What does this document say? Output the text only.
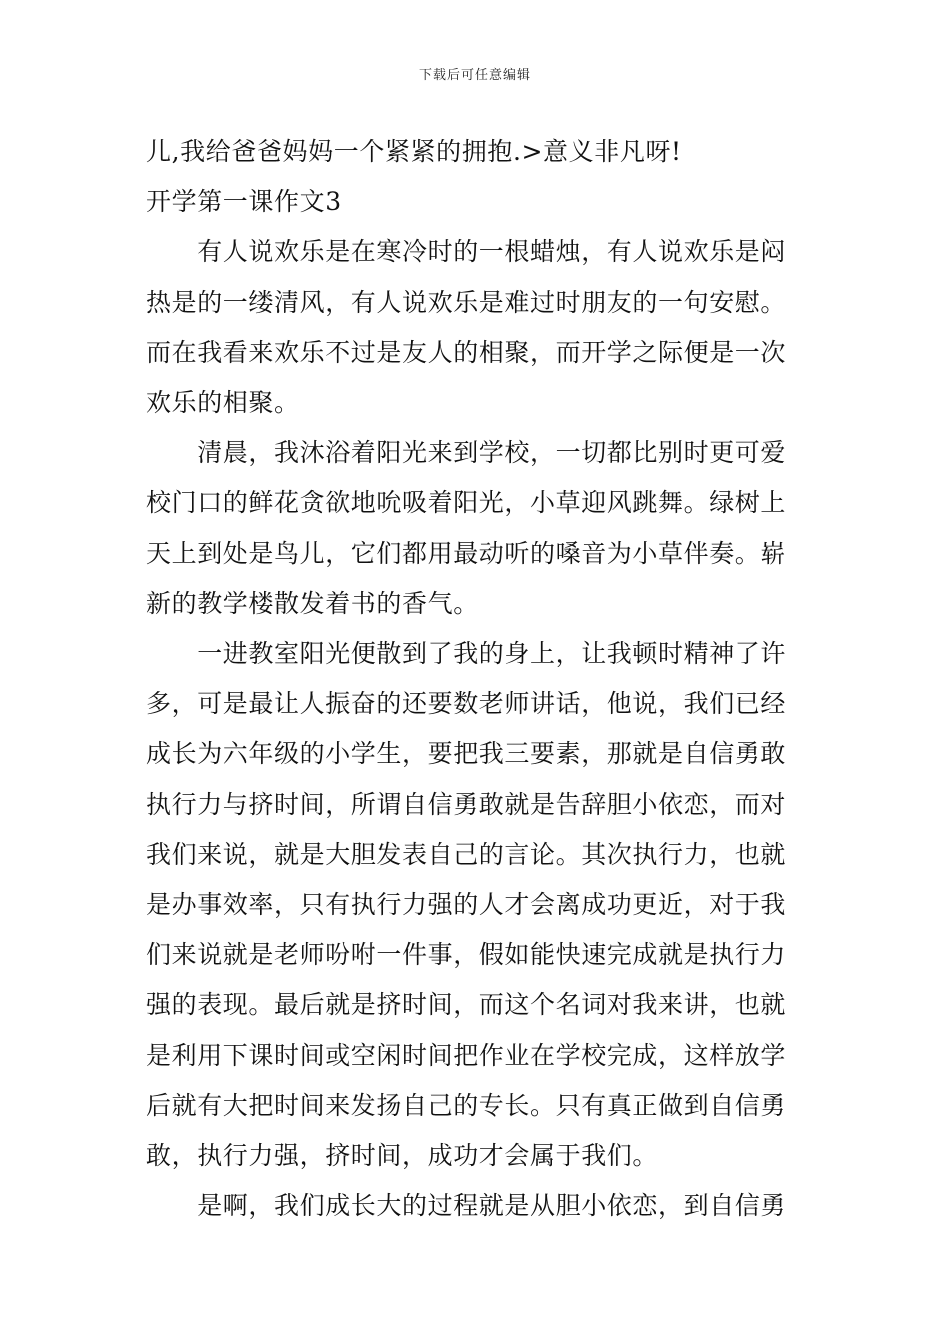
下载后可任意编辑
儿,我给爸爸妈妈一个紧紧的拥抱.>意义非凡呀!
开学第一课作文3
　　有人说欢乐是在寒冷时的一根蜡烛，有人说欢乐是闷
热是的一缕清风，有人说欢乐是难过时朋友的一句安慰。
而在我看来欢乐不过是友人的相聚，而开学之际便是一次
欢乐的相聚。
　　清晨，我沐浴着阳光来到学校，一切都比别时更可爱
校门口的鲜花贪欲地吮吸着阳光，小草迎风跳舞。绿树上
天上到处是鸟儿，它们都用最动听的嗓音为小草伴奏。崭
新的教学楼散发着书的香气。
　　一进教室阳光便散到了我的身上，让我顿时精神了许
多，可是最让人振奋的还要数老师讲话，他说，我们已经
成长为六年级的小学生，要把我三要素，那就是自信勇敢
执行力与挤时间，所谓自信勇敢就是告辞胆小依恋，而对
我们来说，就是大胆发表自己的言论。其次执行力，也就
是办事效率，只有执行力强的人才会离成功更近，对于我
们来说就是老师吩咐一件事，假如能快速完成就是执行力
强的表现。最后就是挤时间，而这个名词对我来讲，也就
是利用下课时间或空闲时间把作业在学校完成，这样放学
后就有大把时间来发扬自己的专长。只有真正做到自信勇
敢，执行力强，挤时间，成功才会属于我们。
　　是啊，我们成长大的过程就是从胆小依恋，到自信勇
